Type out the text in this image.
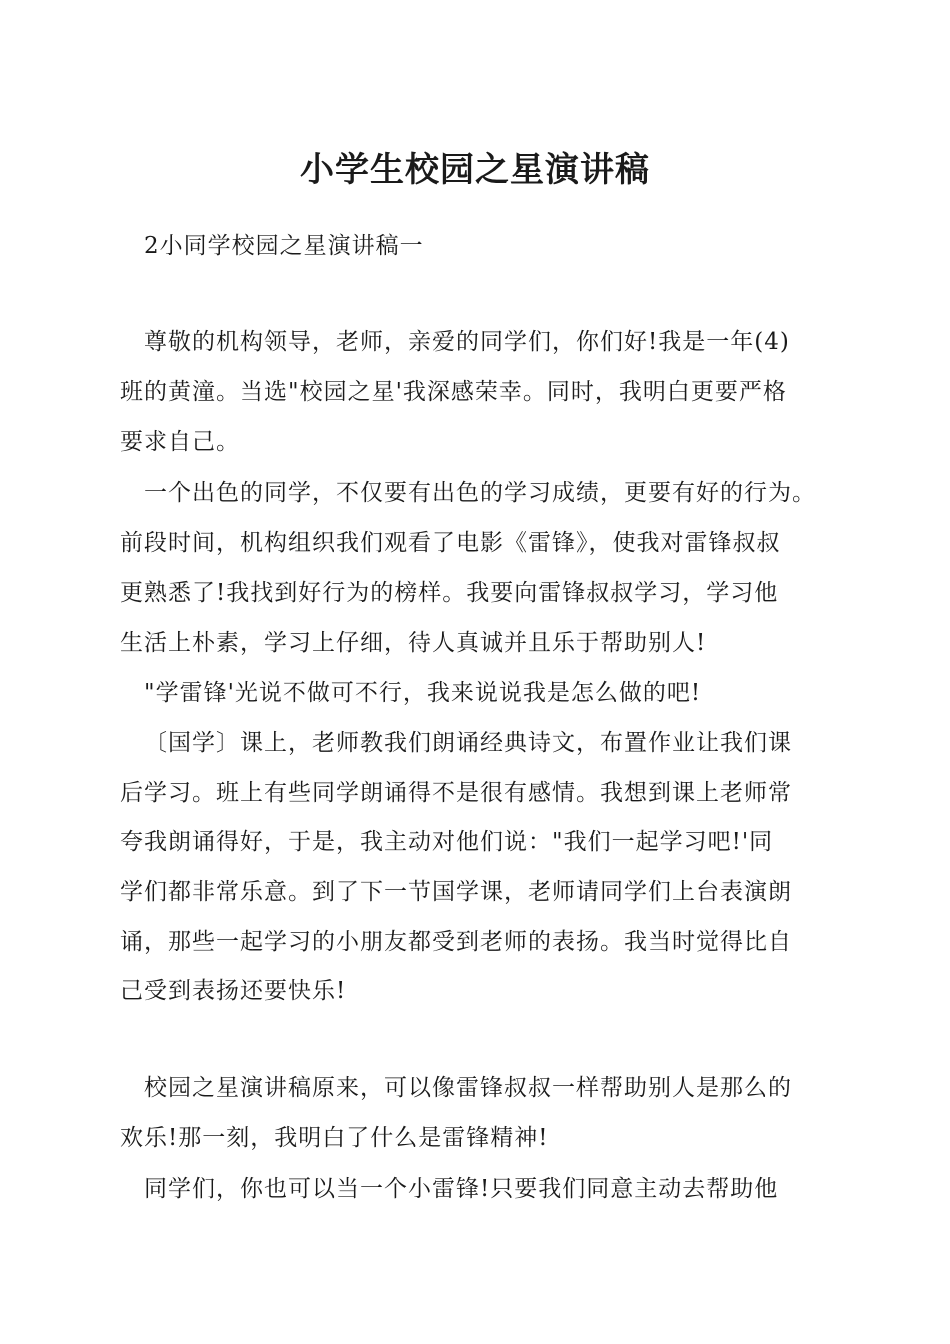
小学生校园之星演讲稿
2小同学校园之星演讲稿一
尊敬的机构领导，老师，亲爱的同学们，你们好!我是一年(4)
班的黄潼。当选"校园之星'我深感荣幸。同时，我明白更要严格
要求自己。
一个出色的同学，不仅要有出色的学习成绩，更要有好的行为。
前段时间，机构组织我们观看了电影《雷锋》，使我对雷锋叔叔
更熟悉了!我找到好行为的榜样。我要向雷锋叔叔学习，学习他
生活上朴素，学习上仔细，待人真诚并且乐于帮助别人!
"学雷锋'光说不做可不行，我来说说我是怎么做的吧!
〔国学〕课上，老师教我们朗诵经典诗文，布置作业让我们课
后学习。班上有些同学朗诵得不是很有感情。我想到课上老师常
夸我朗诵得好，于是，我主动对他们说："我们一起学习吧!'同
学们都非常乐意。到了下一节国学课，老师请同学们上台表演朗
诵，那些一起学习的小朋友都受到老师的表扬。我当时觉得比自
己受到表扬还要快乐!
校园之星演讲稿原来，可以像雷锋叔叔一样帮助别人是那么的
欢乐!那一刻，我明白了什么是雷锋精神!
同学们，你也可以当一个小雷锋!只要我们同意主动去帮助他
